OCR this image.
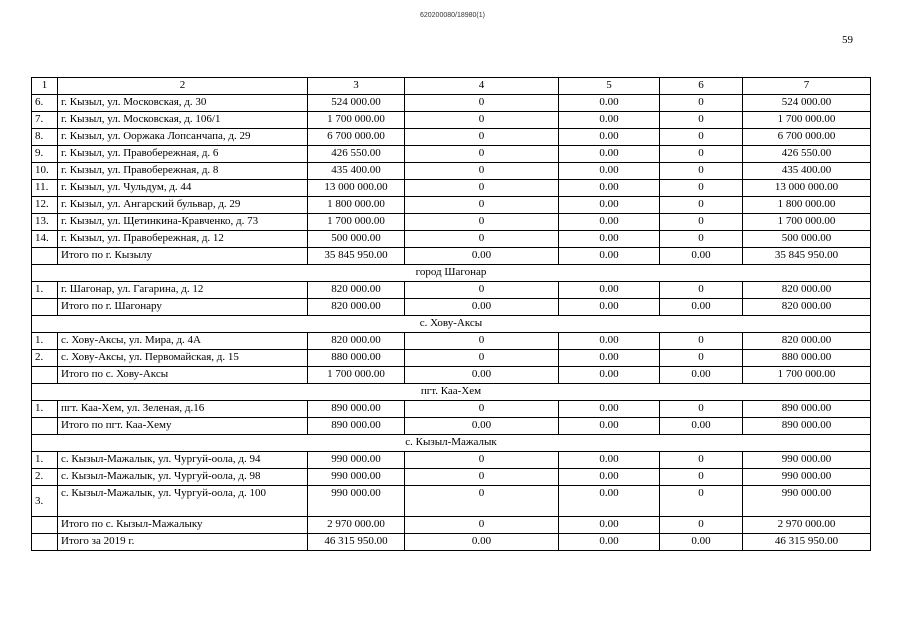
620200080/18980(1)
59
1	2	3	4	5	6	7
6.	г. Кызыл, ул. Московская, д. 30	524 000.00	0	0.00	0	524 000.00
7.	г. Кызыл, ул. Московская, д. 106/1	1 700 000.00	0	0.00	0	1 700 000.00
8.	г. Кызыл, ул. Ооржака Лопсанчапа, д. 29	6 700 000.00	0	0.00	0	6 700 000.00
9.	г. Кызыл, ул. Правобережная, д. 6	426 550.00	0	0.00	0	426 550.00
10.	г. Кызыл, ул. Правобережная, д. 8	435 400.00	0	0.00	0	435 400.00
11.	г. Кызыл, ул. Чульдум, д. 44	13 000 000.00	0	0.00	0	13 000 000.00
12.	г. Кызыл, ул. Ангарский бульвар, д. 29	1 800 000.00	0	0.00	0	1 800 000.00
13.	г. Кызыл, ул. Щетинкина-Кравченко, д. 73	1 700 000.00	0	0.00	0	1 700 000.00
14.	г. Кызыл, ул. Правобережная, д. 12	500 000.00	0	0.00	0	500 000.00
	Итого по г. Кызылу	35 845 950.00	0.00	0.00	0.00	35 845 950.00
город Шагонар						
1.	г. Шагонар, ул. Гагарина, д. 12	820 000.00	0	0.00	0	820 000.00
	Итого по г. Шагонару	820 000.00	0.00	0.00	0.00	820 000.00
с. Хову-Аксы						
1.	с. Хову-Аксы, ул. Мира, д. 4А	820 000.00	0	0.00	0	820 000.00
2.	с. Хову-Аксы, ул. Первомайская, д. 15	880 000.00	0	0.00	0	880 000.00
	Итого по с. Хову-Аксы	1 700 000.00	0.00	0.00	0.00	1 700 000.00
пгт. Каа-Хем						
1.	пгт. Каа-Хем, ул. Зеленая, д.16	890 000.00	0	0.00	0	890 000.00
	Итого по пгт. Каа-Хему	890 000.00	0.00	0.00	0.00	890 000.00
с. Кызыл-Мажалык						
1.	с. Кызыл-Мажалык, ул. Чургуй-оола, д. 94	990 000.00	0	0.00	0	990 000.00
2.	с. Кызыл-Мажалык, ул. Чургуй-оола, д. 98	990 000.00	0	0.00	0	990 000.00
3.	с. Кызыл-Мажалык, ул. Чургуй-оола, д. 100	990 000.00	0	0.00	0	990 000.00
	Итого по с. Кызыл-Мажалыку	2 970 000.00	0	0.00	0	2 970 000.00
	Итого за 2019 г.	46 315 950.00	0.00	0.00	0.00	46 315 950.00
